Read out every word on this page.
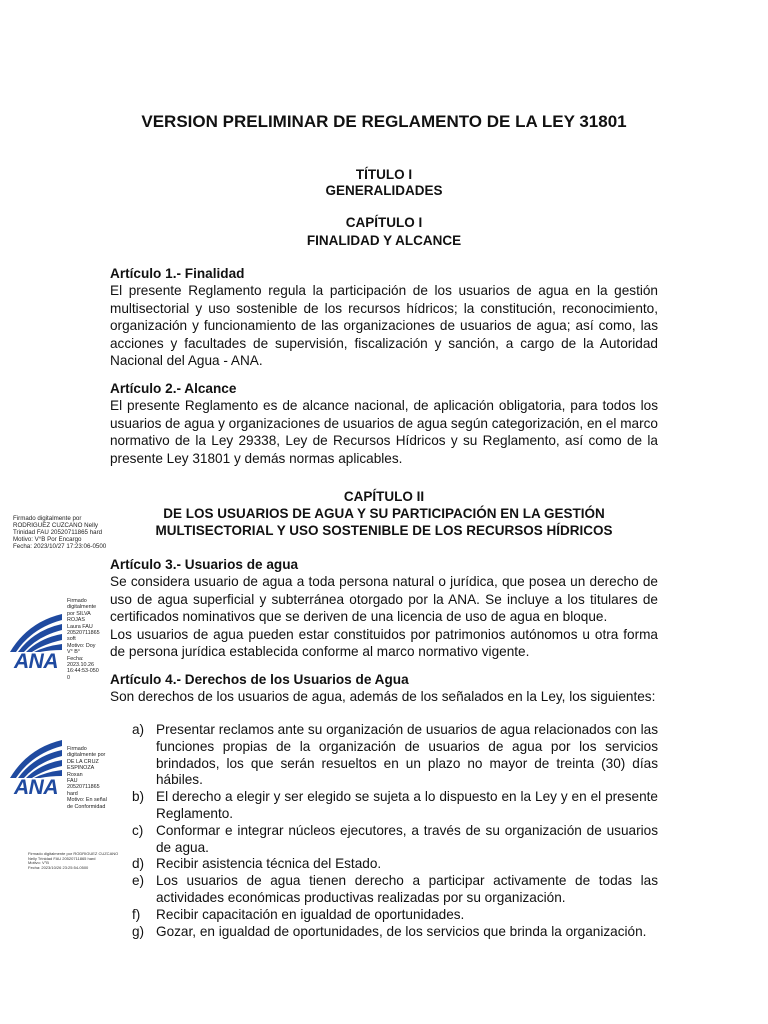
VERSION PRELIMINAR DE REGLAMENTO DE LA LEY 31801
TÍTULO I
GENERALIDADES
CAPÍTULO I
FINALIDAD Y ALCANCE
Artículo 1.- Finalidad
El presente Reglamento regula la participación de los usuarios de agua en la gestión multisectorial y uso sostenible de los recursos hídricos; la constitución, reconocimiento, organización y funcionamiento de las organizaciones de usuarios de agua; así como, las acciones y facultades de supervisión, fiscalización y sanción, a cargo de la Autoridad Nacional del Agua - ANA.
Artículo 2.- Alcance
El presente Reglamento es de alcance nacional, de aplicación obligatoria, para todos los usuarios de agua y organizaciones de usuarios de agua según categorización, en el marco normativo de la Ley 29338, Ley de Recursos Hídricos y su Reglamento, así como de la presente Ley 31801 y demás normas aplicables.
CAPÍTULO II
DE LOS USUARIOS DE AGUA Y SU PARTICIPACIÓN EN LA GESTIÓN
MULTISECTORIAL Y USO SOSTENIBLE DE LOS RECURSOS HÍDRICOS
Artículo 3.- Usuarios de agua
Se considera usuario de agua a toda persona natural o jurídica, que posea un derecho de uso de agua superficial y subterránea otorgado por la ANA. Se incluye a los titulares de certificados nominativos que se deriven de una licencia de uso de agua en bloque.
Los usuarios de agua pueden estar constituidos por patrimonios autónomos u otra forma de persona jurídica establecida conforme al marco normativo vigente.
Artículo 4.- Derechos de los Usuarios de Agua
Son derechos de los usuarios de agua, además de los señalados en la Ley, los siguientes:
a) Presentar reclamos ante su organización de usuarios de agua relacionados con las funciones propias de la organización de usuarios de agua por los servicios brindados, los que serán resueltos en un plazo no mayor de treinta (30) días hábiles.
b) El derecho a elegir y ser elegido se sujeta a lo dispuesto en la Ley y en el presente Reglamento.
c) Conformar e integrar núcleos ejecutores, a través de su organización de usuarios de agua.
d) Recibir asistencia técnica del Estado.
e) Los usuarios de agua tienen derecho a participar activamente de todas las actividades económicas productivas realizadas por su organización.
f) Recibir capacitación en igualdad de oportunidades.
g) Gozar, en igualdad de oportunidades, de los servicios que brinda la organización.
Firmado digitalmente por
RODRIGUEZ CUZCANO Nelly
Trinidad FAU 20520711865 hard
Motivo: V°B Por Encargo
Fecha: 2023/10/27 17:23:06-0500
ANA
Firmado
digitalmente
por SILVA
ROJAS
Laura FAU
20520711865
soft
Motivo: Doy
V° B°
Fecha:
2023.10.26
16:44:53-050
0
ANA
Firmado
digitalmente por
DE LA CRUZ
ESPINOZA Roxan
FAU 20520711865
hard
Motivo: En señal
de Conformidad
Firmado digitalmente por RODRIGUEZ CUZCANO
Nelly Trinidad FAU 20520711865 hard
Motivo: V°B
Fecha: 2023/10/26 23:25:54-0500
